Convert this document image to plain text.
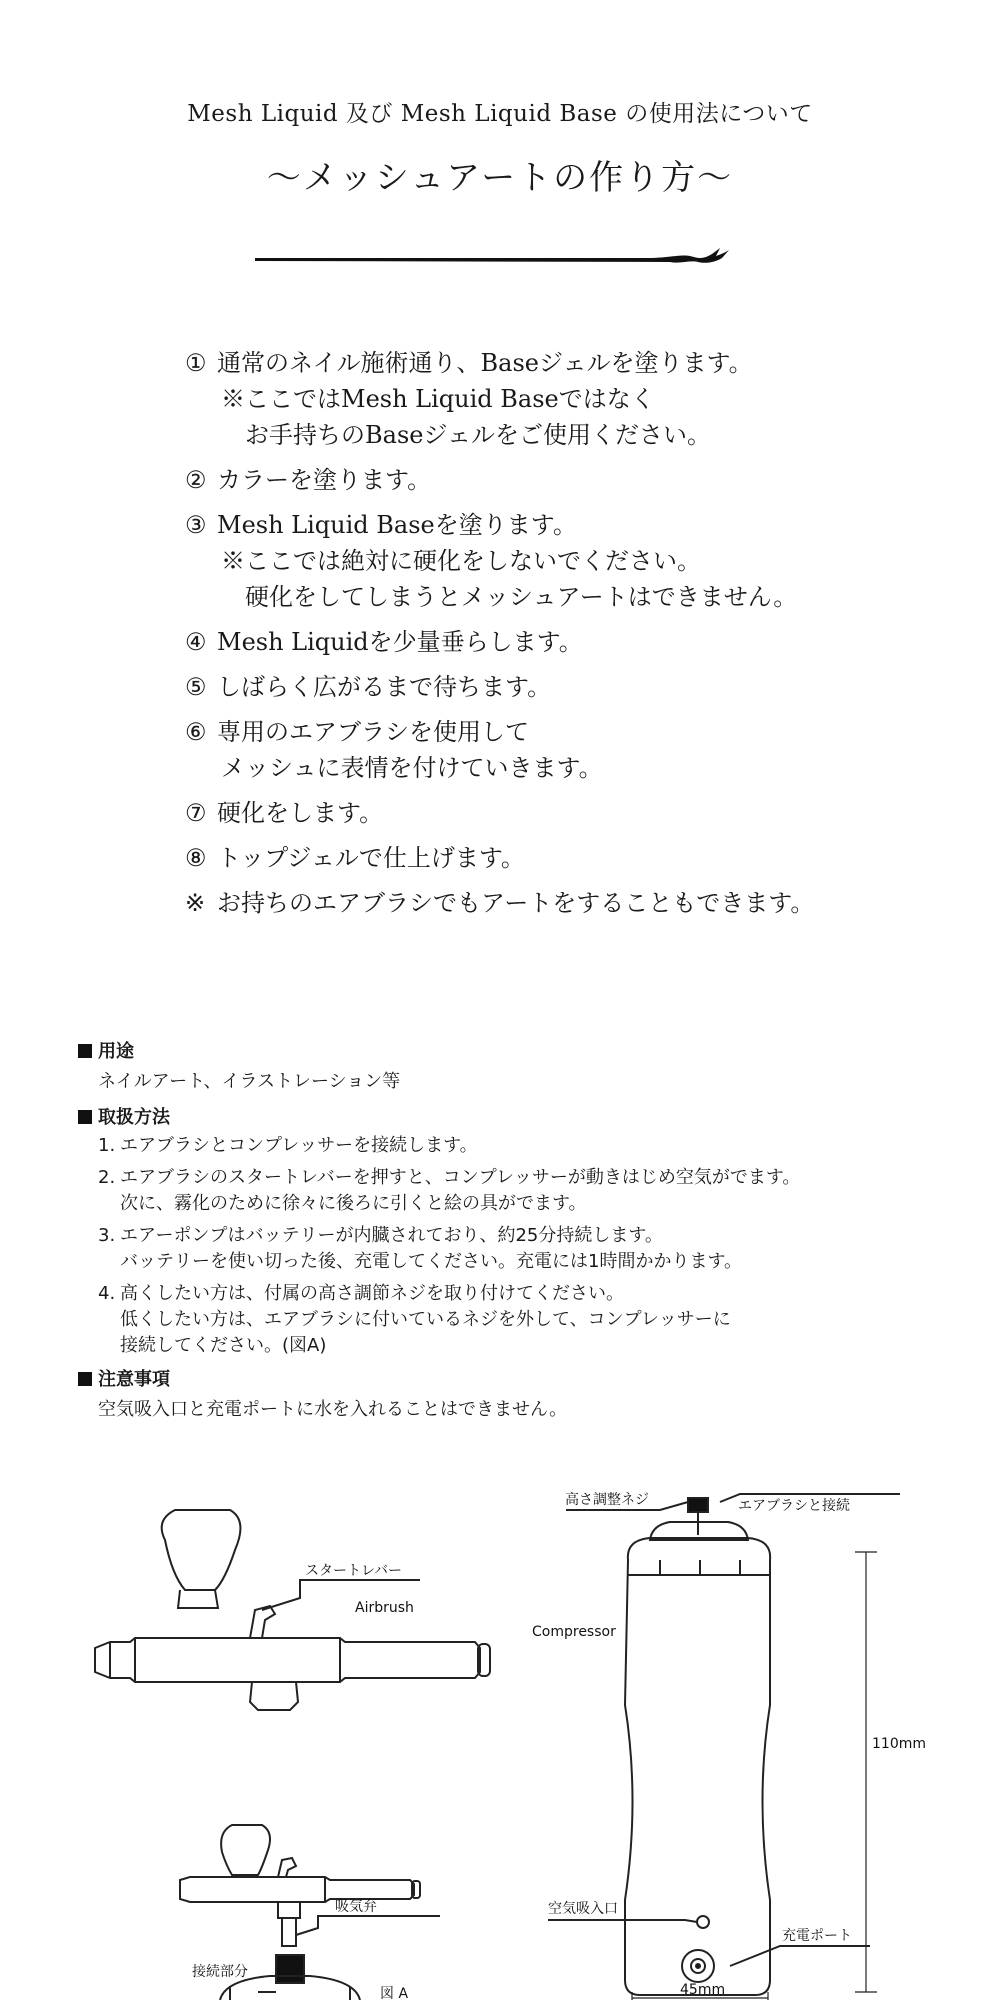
Mesh Liquid 及び Mesh Liquid Base の使用法について
〜メッシュアートの作り方〜
① 通常のネイル施術通り、Baseジェルを塗ります。
※ここではMesh Liquid Baseではなく
お手持ちのBaseジェルをご使用ください。
② カラーを塗ります。
③ Mesh Liquid Baseを塗ります。
※ここでは絶対に硬化をしないでください。
硬化をしてしまうとメッシュアートはできません。
④ Mesh Liquidを少量垂らします。
⑤ しばらく広がるまで待ちます。
⑥ 専用のエアブラシを使用して
メッシュに表情を付けていきます。
⑦ 硬化をします。
⑧ トップジェルで仕上げます。
※ お持ちのエアブラシでもアートをすることもできます。
用途
ネイルアート、イラストレーション等
取扱方法
1. エアブラシとコンプレッサーを接続します。
2. エアブラシのスタートレバーを押すと、コンプレッサーが動きはじめ空気がでます。
次に、霧化のために徐々に後ろに引くと絵の具がでます。
3. エアーポンプはバッテリーが内臓されており、約25分持続します。
バッテリーを使い切った後、充電してください。充電には1時間かかります。
4. 高くしたい方は、付属の高さ調節ネジを取り付けてください。
低くしたい方は、エアブラシに付いているネジを外して、コンプレッサーに
接続してください。(図A)
注意事項
空気吸入口と充電ポートに水を入れることはできません。
スタートレバー
Airbrush
吸気弁
接続部分
図 A
高さ調整ネジ	エアブラシと接続
Compressor
空気吸入口
充電ポート
110mm
45mm
